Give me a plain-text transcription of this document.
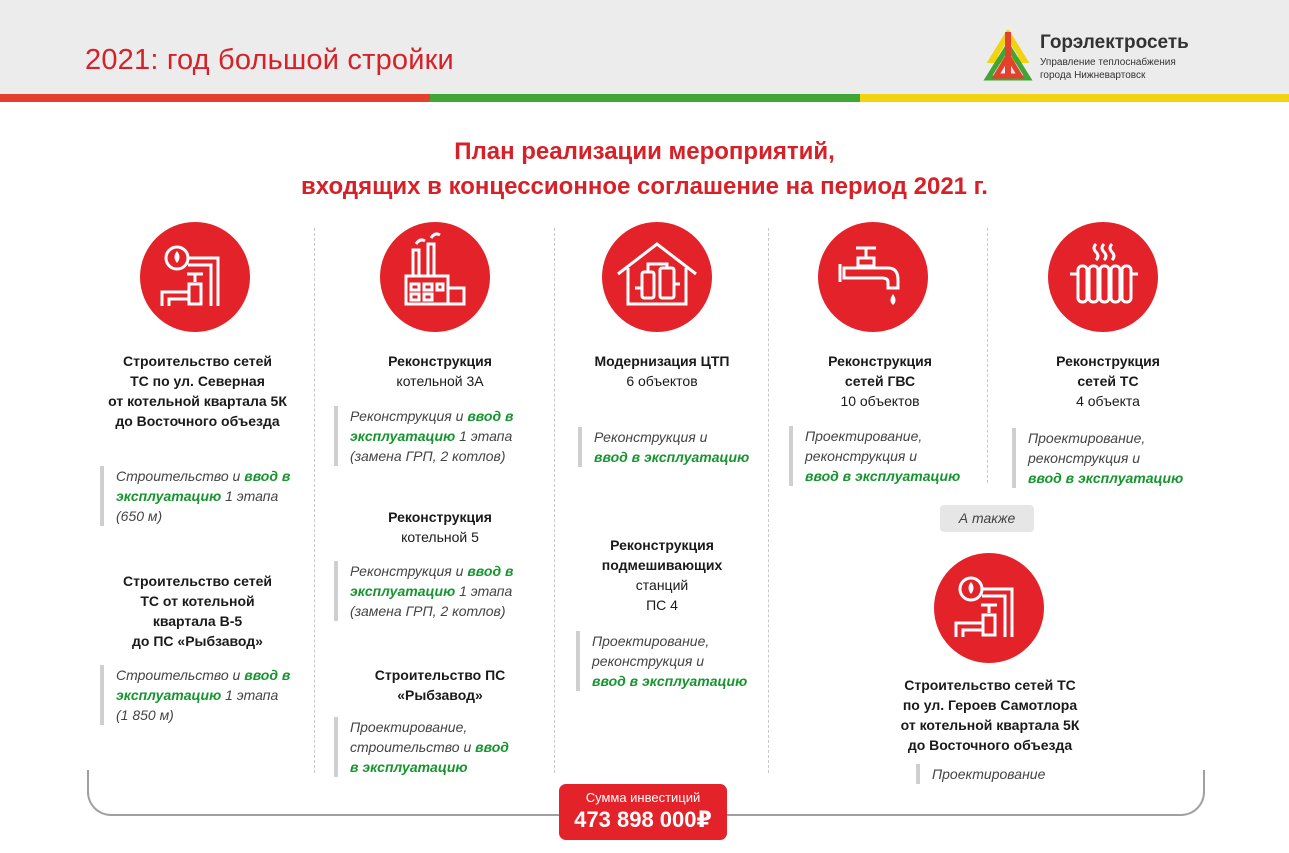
2021: год большой стройки
Горэлектросеть
Управление теплоснабжения
города Нижневартовск
План реализации мероприятий,
входящих в концессионное соглашение на период 2021 г.
Строительство сетей
ТС по ул. Северная
от котельной квартала 5К
до Восточного объезда
Строительство и ввод в
эксплуатацию 1 этапа
(650 м)
Строительство сетей
ТС от котельной
квартала В-5
до ПС «Рыбзавод»
Строительство и ввод в
эксплуатацию 1 этапа
(1 850 м)
Реконструкция
котельной 3А
Реконструкция и ввод в
эксплуатацию 1 этапа
(замена ГРП, 2 котлов)
Реконструкция
котельной 5
Реконструкция и ввод в
эксплуатацию 1 этапа
(замена ГРП, 2 котлов)
Строительство ПС
«Рыбзавод»
Проектирование,
строительство и ввод
в эксплуатацию
Модернизация ЦТП
6 объектов
Реконструкция и
ввод в эксплуатацию
Реконструкция
подмешивающих
станций
ПС 4
Проектирование,
реконструкция и
ввод в эксплуатацию
Реконструкция
сетей ГВС
10 объектов
Проектирование,
реконструкция и
ввод в эксплуатацию
Реконструкция
сетей ТС
4 объекта
Проектирование,
реконструкция и
ввод в эксплуатацию
А также
Строительство сетей ТС
по ул. Героев Самотлора
от котельной квартала 5К
до Восточного объезда
Проектирование
Сумма инвестиций
473 898 000₽
